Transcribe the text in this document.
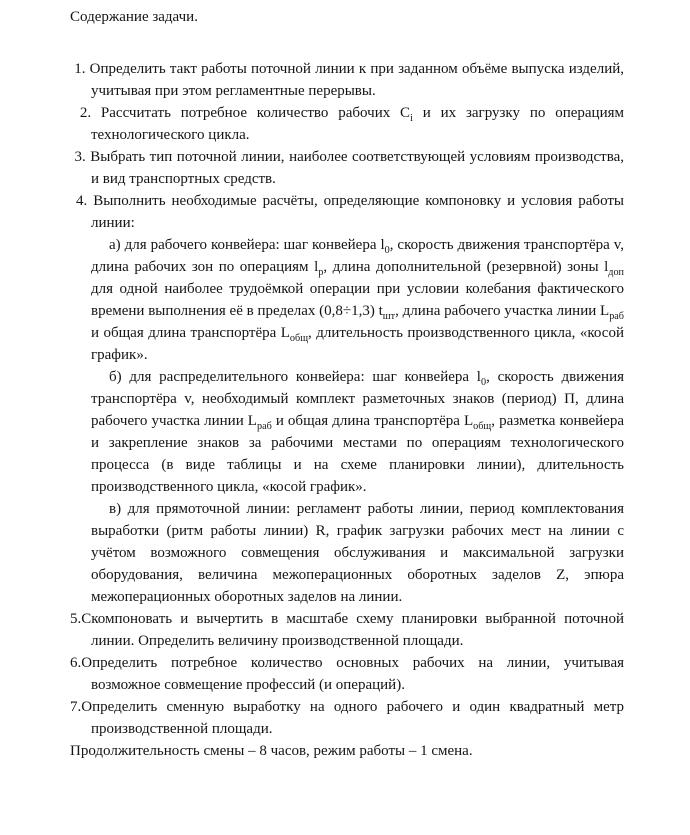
Содержание задачи.

1. Определить такт работы поточной линии к при заданном объёме выпуска изделий, учитывая при этом регламентные перерывы.

2. Рассчитать потребное количество рабочих $C_i$ и их загрузку по операциям технологического цикла.

3. Выбрать тип поточной линии, наиболее соответствующей условиям производства, и вид транспортных средств.

4. Выполнить необходимые расчёты, определяющие компоновку и условия работы линии:

а) для рабочего конвейера: шаг конвейера $l_0$, скорость движения транспортёра v, длина рабочих зон по операциям $l_р$, длина дополнительной (резервной) зоны $l_{доп}$ для одной наиболее трудоёмкой операции при условии колебания фактического времени выполнения её в пределах (0,8÷1,3) $t_{шт}$, длина рабочего участка линии $L_{раб}$ и общая длина транспортёра $L_{общ}$, длительность производственного цикла, «косой график».

б) для распределительного конвейера: шаг конвейера $l_0$, скорость движения транспортёра v, необходимый комплект разметочных знаков (период) П, длина рабочего участка линии $L_{раб}$ и общая длина транспортёра $L_{общ}$, разметка конвейера и закрепление знаков за рабочими местами по операциям технологического процесса (в виде таблицы и на схеме планировки линии), длительность производственного цикла, «косой график».

в) для прямоточной линии: регламент работы линии, период комплектования выработки (ритм работы линии) R, график загрузки рабочих мест на линии с учётом возможного совмещения обслуживания и максимальной загрузки оборудования, величина межоперационных оборотных заделов Z, эпюра межоперационных оборотных заделов на линии.

5.Скомпоновать и вычертить в масштабе схему планировки выбранной поточной линии. Определить величину производственной площади.

6.Определить потребное количество основных рабочих на линии, учитывая возможное совмещение профессий (и операций).

7.Определить сменную выработку на одного рабочего и один квадратный метр производственной площади.

Продолжительность смены – 8 часов, режим работы – 1 смена.
